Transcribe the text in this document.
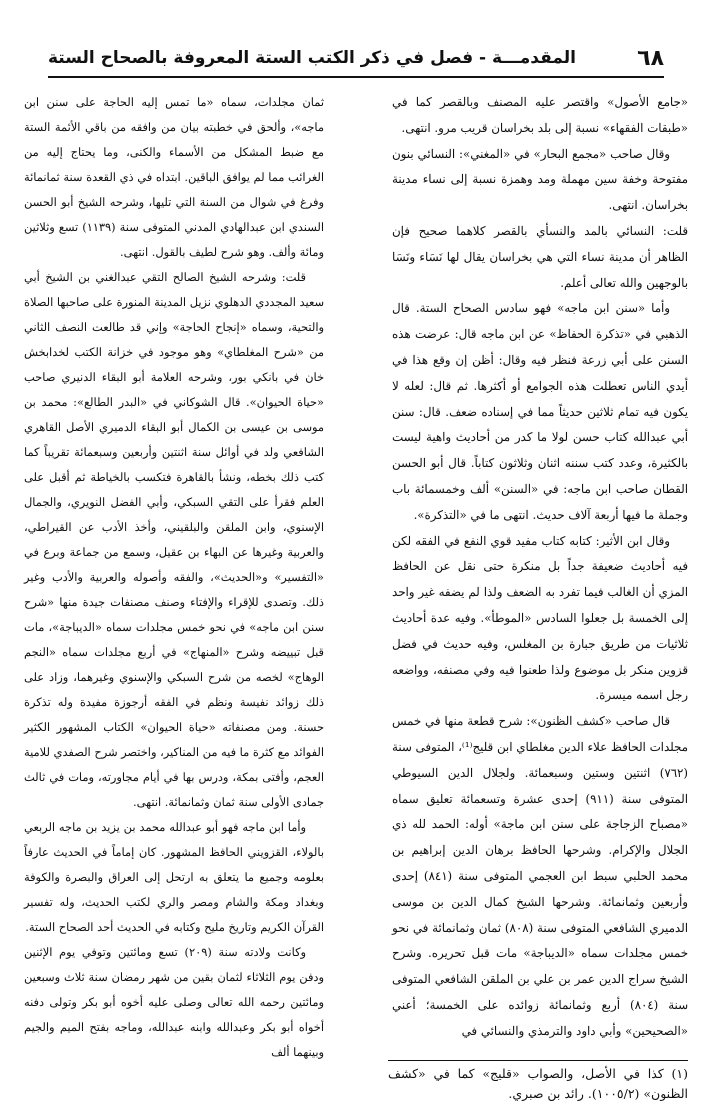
٦٨
المقدمـــة - فصل في ذكر الكتب الستة المعروفة بالصحاح الستة

«جامع الأصول» واقتصر عليه المصنف وبالقصر كما في «طبقات الفقهاء» نسبة إلى بلد بخراسان قريب مرو. انتهى.

وقال صاحب «مجمع البحار» في «المغني»: النسائي بنون مفتوحة وخفة سين مهملة ومد وهمزة نسبة إلى نساء مدينة بخراسان. انتهى.

قلت: النسائي بالمد والنسأي بالقصر كلاهما صحيح فإن الظاهر أن مدينة نساء التي هي بخراسان يقال لها نَسَاء ونَسَا بالوجهين والله تعالى أعلم.

وأما «سنن ابن ماجه» فهو سادس الصحاح الستة. قال الذهبي في «تذكرة الحفاظ» عن ابن ماجه قال: عرضت هذه السنن على أبي زرعة فنظر فيه وقال: أظن إن وقع هذا في أيدي الناس تعطلت هذه الجوامع أو أكثرها. ثم قال: لعله لا يكون فيه تمام ثلاثين حديثاً مما في إسناده ضعف. قال: سنن أبي عبدالله كتاب حسن لولا ما كدر من أحاديث واهية ليست بالكثيرة، وعدد كتب سننه اثنان وثلاثون كتاباً. قال أبو الحسن القطان صاحب ابن ماجه: في «السنن» ألف وخمسمائة باب وجملة ما فيها أربعة آلاف حديث. انتهى ما في «التذكرة».

وقال ابن الأثير: كتابه كتاب مفيد قوي النفع في الفقه لكن فيه أحاديث ضعيفة جداً بل منكرة حتى نقل عن الحافظ المزي أن الغالب فيما تفرد به الضعف ولذا لم يضفه غير واحد إلى الخمسة بل جعلوا السادس «الموطأ». وفيه عدة أحاديث ثلاثيات من طريق جبارة بن المغلس، وفيه حديث في فضل قزوين منكر بل موضوع ولذا طعنوا فيه وفي مصنفه، وواضعه رجل اسمه ميسرة.

قال صاحب «كشف الظنون»: شرح قطعة منها في خمس مجلدات الحافظ علاء الدين مغلطاي ابن قليج⁽¹⁾، المتوفى سنة (٧٦٢) اثنتين وستين وسبعمائة. ولجلال الدين السيوطي المتوفى سنة (٩١١) إحدى عشرة وتسعمائة تعليق سماه «مصباح الزجاجة على سنن ابن ماجة» أوله: الحمد لله ذي الجلال والإكرام. وشرحها الحافظ برهان الدين إبراهيم بن محمد الحلبي سبط ابن العجمي المتوفى سنة (٨٤١) إحدى وأربعين وثمانمائة. وشرحها الشيخ كمال الدين بن موسى الدميري الشافعي المتوفى سنة (٨٠٨) ثمان وثمانمائة في نحو خمس مجلدات سماه «الديباجة» مات قبل تحريره. وشرح الشيخ سراج الدين عمر بن علي بن الملقن الشافعي المتوفى سنة (٨٠٤) أربع وثمانمائة زوائده على الخمسة؛ أعني «الصحيحين» وأبي داود والترمذي والنسائي في

ثمان مجلدات، سماه «ما تمس إليه الحاجة على سنن ابن ماجه»، وألحق في خطبته بيان من وافقه من باقي الأئمة الستة مع ضبط المشكل من الأسماء والكنى، وما يحتاج إليه من الغرائب مما لم يوافق الباقين. ابتداه في ذي القعدة سنة ثمانمائة وفرغ في شوال من السنة التي تليها، وشرحه الشيخ أبو الحسن السندي ابن عبدالهادي المدني المتوفى سنة (١١٣٩) تسع وثلاثين ومائة وألف. وهو شرح لطيف بالقول. انتهى.

قلت: وشرحه الشيخ الصالح التقي عبدالغني بن الشيخ أبي سعيد المجددي الدهلوي نزيل المدينة المنورة على صاحبها الصلاة والتحية، وسماه «إنجاح الحاجة» وإني قد طالعت النصف الثاني من «شرح المغلطاي» وهو موجود في خزانة الكتب لخدابخش خان في بانكي بور، وشرحه العلامة أبو البقاء الدنيري صاحب «حياة الحيوان». قال الشوكاني في «البدر الطالع»: محمد بن موسى بن عيسى بن الكمال أبو البقاء الدميري الأصل القاهري الشافعي ولد في أوائل سنة اثنتين وأربعين وسبعمائة تقريباً كما كتب ذلك بخطه، ونشأ بالقاهرة فتكسب بالخياطة ثم أقبل على العلم فقرأ على التقي السبكي، وأبي الفضل النويري، والجمال الإسنوي، وابن الملقن والبلقيني، وأخذ الأدب عن القيراطي، والعربية وغيرها عن البهاء بن عقيل، وسمع من جماعة وبرع في «التفسير» و«الحديث»، والفقه وأصوله والعربية والأدب وغير ذلك. وتصدى للإقراء والإفتاء وصنف مصنفات جيدة منها «شرح سنن ابن ماجه» في نحو خمس مجلدات سماه «الديباجة»، مات قبل تبييضه وشرح «المنهاج» في أربع مجلدات سماه «النجم الوهاج» لخصه من شرح السبكي والإسنوي وغيرهما، وزاد على ذلك زوائد نفيسة ونظم في الفقه أرجوزة مفيدة وله تذكرة حسنة. ومن مصنفاته «حياة الحيوان» الكتاب المشهور الكثير الفوائد مع كثرة ما فيه من المناكير، واختصر شرح الصفدي للامية العجم، وأفتى بمكة، ودرس بها في أيام مجاورته، ومات في ثالث جمادى الأولى سنة ثمان وثمانمائة. انتهى.

وأما ابن ماجه فهو أبو عبدالله محمد بن يزيد بن ماجه الربعي بالولاء، القزويني الحافظ المشهور. كان إماماً في الحديث عارفاً بعلومه وجميع ما يتعلق به ارتحل إلى العراق والبصرة والكوفة وبغداد ومكة والشام ومصر والري لكتب الحديث، وله تفسير القرآن الكريم وتاريخ مليح وكتابه في الحديث أحد الصحاح الستة.

وكانت ولادته سنة (٢٠٩) تسع ومائتين وتوفي يوم الإثنين ودفن يوم الثلاثاء لثمان بقين من شهر رمضان سنة ثلاث وسبعين ومائتين رحمه الله تعالى وصلى عليه أخوه أبو بكر وتولى دفنه أخواه أبو بكر وعبدالله وابنه عبدالله، وماجه بفتح الميم والجيم وبينهما ألف

(١) كذا في الأصل، والصواب «قليج» كما في «كشف الظنون» (١٠٠٥/٢). رائد بن صبري.
